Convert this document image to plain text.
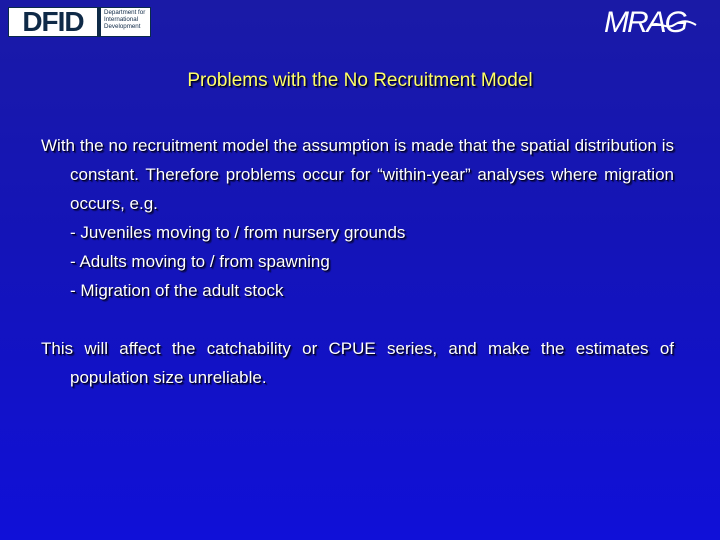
DFID	Department for
International
Development	MRAG
Problems with the No Recruitment Model

With the no recruitment model the assumption is made that the spatial distribution is constant. Therefore problems occur for “within-year” analyses where migration occurs, e.g.

- Juveniles moving to / from nursery grounds

- Adults moving to / from spawning

- Migration of the adult stock

This will affect the catchability or CPUE series, and make the estimates of population size unreliable.
